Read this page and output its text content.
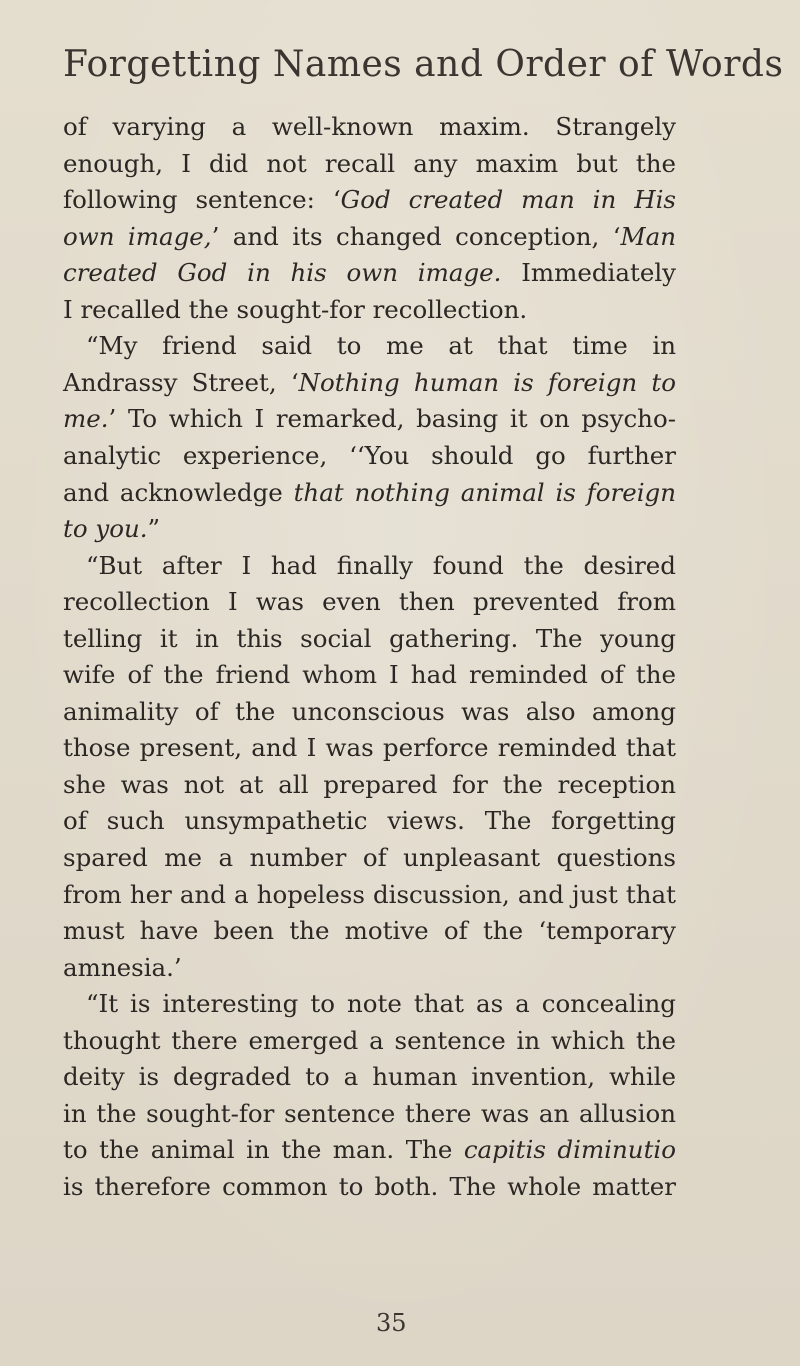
Forgetting Names and Order of Words
of varying a well-known maxim. Strangely
enough, I did not recall any maxim but the
following sentence: ‘God created man in His
own image,’ and its changed conception, ‘Man
created God in his own image. Immediately
I recalled the sought-for recollection.
“My friend said to me at that time in
Andrassy Street, ‘Nothing human is foreign to
me.’ To which I remarked, basing it on psycho-
analytic experience, ‘‘You should go further
and acknowledge that nothing animal is foreign
to you.”
“But after I had finally found the desired
recollection I was even then prevented from
telling it in this social gathering. The young
wife of the friend whom I had reminded of the
animality of the unconscious was also among
those present, and I was perforce reminded that
she was not at all prepared for the reception
of such unsympathetic views. The forgetting
spared me a number of unpleasant questions
from her and a hopeless discussion, and just that
must have been the motive of the ‘temporary
amnesia.’
“It is interesting to note that as a concealing
thought there emerged a sentence in which the
deity is degraded to a human invention, while
in the sought-for sentence there was an allusion
to the animal in the man. The capitis diminutio
is therefore common to both. The whole matter
35
